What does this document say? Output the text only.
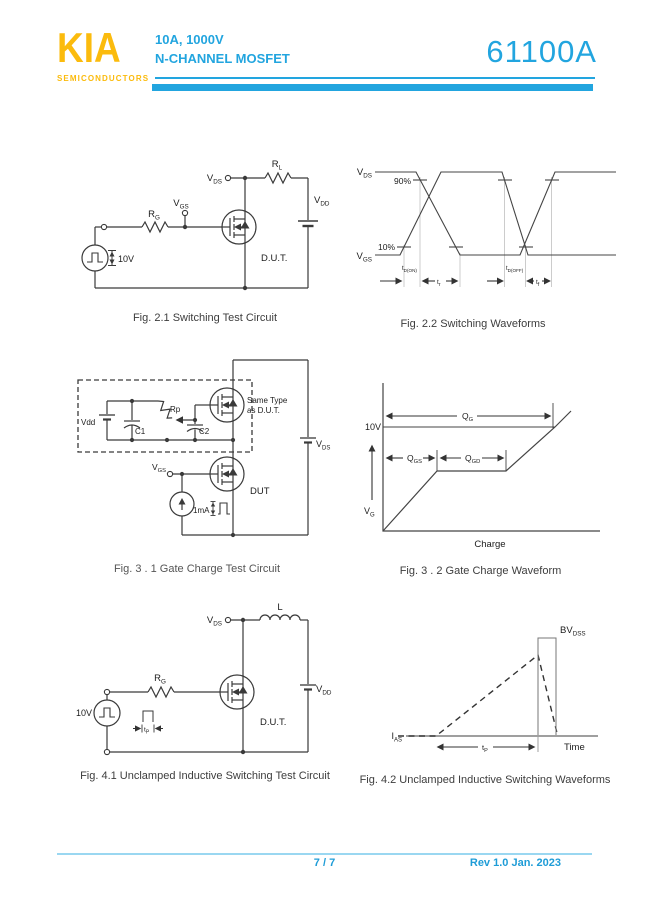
KIA
SEMICONDUCTORS
10A, 1000V
N-CHANNEL MOSFET	61100A
$V_{DS}$
$V_{GS}$
$R_G$
$R_L$
$V_{DD}$
10V	D.U.T.
Fig. 2.1 Switching Test Circuit
$V_{DS}$
$V_{GS}$
90%
10%
$t_{D(ON)}$
$t_r$
$t_{D(OFF)}$
$t_f$
Fig. 2.2 Switching Waveforms
Vdd
C1
Rp
C2
Same Type
as D.U.T.
$V_{GS}$
1mA
DUT
$V_{DS}$
Fig. 3 . 1 Gate Charge Test Circuit
10V
$Q_G$
$Q_{GS}$	$Q_{GD}$
$V_G$
Charge
Fig. 3 . 2 Gate Charge Waveform
$V_{DS}$
L
$V_{DD}$
10V
$R_G$
$t_P$
D.U.T.
Fig. 4.1 Unclamped Inductive Switching Test Circuit
$I_{AS}$
$BV_{DSS}$
Time
$t_P$
Fig. 4.2 Unclamped Inductive Switching Waveforms
7 / 7	Rev 1.0 Jan. 2023
